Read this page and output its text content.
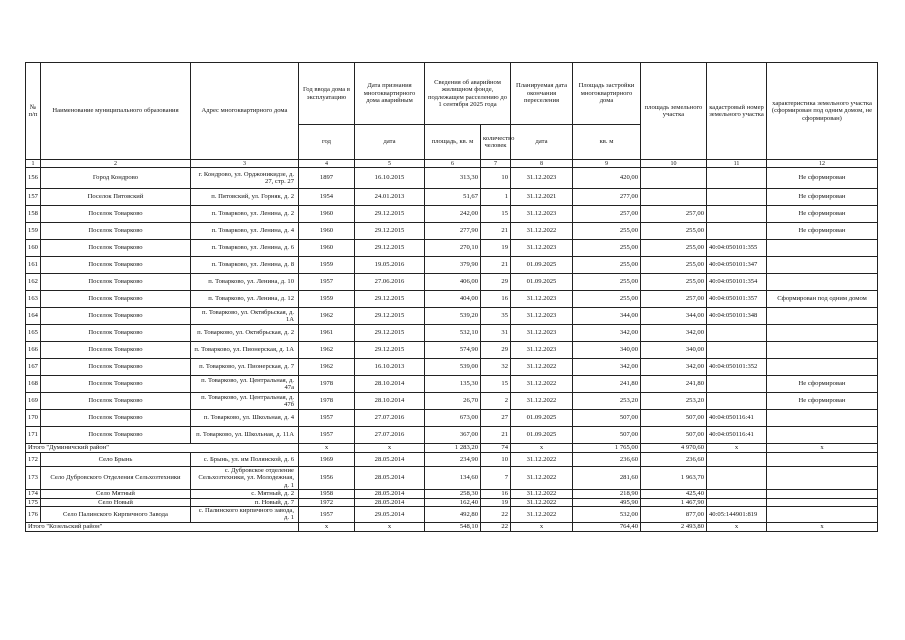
№ п/п	Наименование муниципального образования	Адрес многоквартирного дома	Год ввода дома в эксплуатацию	Дата признания многоквартирного дома аварийным	Сведения об аварийном жилищном фонде, подлежащем расселению до 1 сентября 2025 года		Планируемая дата окончания переселения	Площадь застройки многоквартирного дома	площадь земельного участка	кадастровый номер земельного участка	характеристика земельного участка (сформирован под одним домом, не сформирован)
			год	дата	площадь, кв. м	количество человек	дата	кв. м			
1	2	3	4	5	6	7	8	9	10	11	12
156	Город Кондрово	г. Кондрово, ул. Орджоникидзе, д. 27, стр. 27	1897	16.10.2015	313,30	10	31.12.2023	420,00			Не сформирован
157	Поселок Пятовский	п. Пятовский, ул. Горняк, д. 2	1954	24.01.2013	51,67	1	31.12.2021	277,00			Не сформирован
158	Поселок Товарково	п. Товарково, ул. Ленина, д. 2	1960	29.12.2015	242,00	15	31.12.2023	257,00	257,00		Не сформирован
159	Поселок Товарково	п. Товарково, ул. Ленина, д. 4	1960	29.12.2015	277,90	21	31.12.2022	255,00	255,00		Не сформирован
160	Поселок Товарково	п. Товарково, ул. Ленина, д. 6	1960	29.12.2015	270,10	19	31.12.2023	255,00	255,00	40:04:050101:355	
161	Поселок Товарково	п. Товарково, ул. Ленина, д. 8	1959	19.05.2016	379,90	21	01.09.2025	255,00	255,00	40:04:050101:347	
162	Поселок Товарково	п. Товарково, ул. Ленина, д. 10	1957	27.06.2016	406,00	29	01.09.2025	255,00	255,00	40:04:050101:354	
163	Поселок Товарково	п. Товарково, ул. Ленина, д. 12	1959	29.12.2015	404,00	16	31.12.2023	255,00	257,00	40:04:050101:357	Сформирован под одним домом
164	Поселок Товарково	п. Товарково, ул. Октябрьская, д. 1А	1962	29.12.2015	539,20	35	31.12.2023	344,00	344,00	40:04:050101:348	
165	Поселок Товарково	п. Товарково, ул. Октябрьская, д. 2	1961	29.12.2015	532,10	31	31.12.2023	342,00	342,00		
166	Поселок Товарково	п. Товарково, ул. Пионерская, д. 1А	1962	29.12.2015	574,90	29	31.12.2023	340,00	340,00		
167	Поселок Товарково	п. Товарково, ул. Пионерская, д. 7	1962	16.10.2013	539,00	32	31.12.2022	342,00	342,00	40:04:050101:352	
168	Поселок Товарково	п. Товарково, ул. Центральная, д. 47а	1978	28.10.2014	135,30	15	31.12.2022	241,80	241,80		Не сформирован
169	Поселок Товарково	п. Товарково, ул. Центральная, д. 47б	1978	28.10.2014	26,70	2	31.12.2022	253,20	253,20		Не сформирован
170	Поселок Товарково	п. Товарково, ул. Школьная, д. 4	1957	27.07.2016	673,00	27	01.09.2025	507,00	507,00	40:04:050116:41	
171	Поселок Товарково	п. Товарково, ул. Школьная, д. 11А	1957	27.07.2016	367,00	21	01.09.2025	507,00	507,00	40:04:050116:41	
Итого "Думиничский район"			x	x	1 283,20	74	x	1 765,00	4 970,60	x	x
172	Село Брынь	с. Брынь, ул. им Полянской, д. 6	1969	28.05.2014	234,90	10	31.12.2022	236,60	236,60		
173	Село Дубровского Отделения Сельхозтехники	с. Дубровское отделение Сельхозтехники, ул. Молодежная, д. 1	1956	28.05.2014	134,60	7	31.12.2022	281,60	1 963,70		
174	Село Мятный	с. Мятный, д. 2	1958	28.05.2014	258,30	16	31.12.2022	218,90	425,40		
175	Село Новый	п. Новый, д. 7	1972	28.05.2014	162,40	19	31.12.2022	495,90	1 467,90		
176	Село Палинского Кирпичного Завода	с. Палинского кирпичного завода, д. 1	1957	29.05.2014	492,80	22	31.12.2022	532,00	877,00	40:05:144901:819	
Итого "Козельский район"			x	x	548,10	22	x	764,40	2 493,80	x	x
